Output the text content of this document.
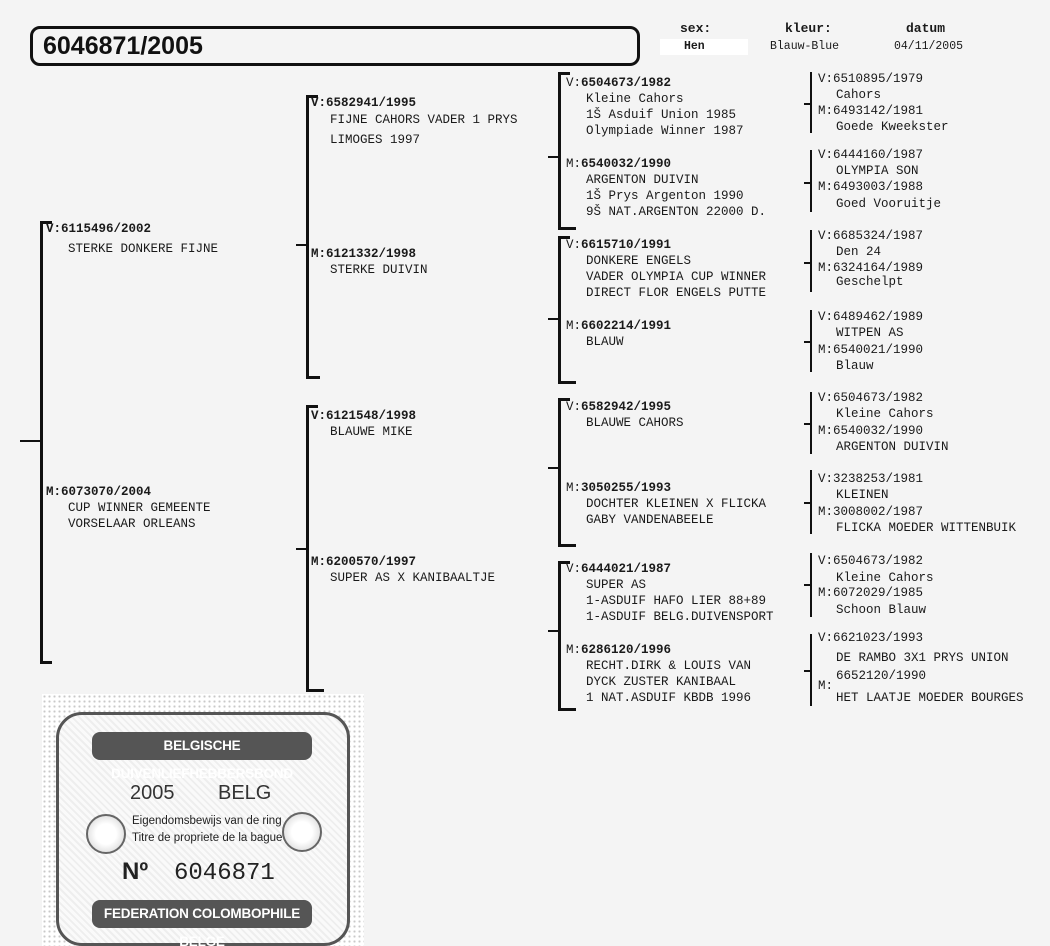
6046871/2005
sex:
Hen
kleur:
Blauw-Blue
datum
04/11/2005
V:6115496/2002
STERKE DONKERE FIJNE
M:6073070/2004
CUP WINNER GEMEENTE
VORSELAAR ORLEANS
V:6582941/1995
FIJNE CAHORS VADER 1 PRYS
LIMOGES 1997
M:6121332/1998
STERKE DUIVIN
V:6121548/1998
BLAUWE MIKE
M:6200570/1997
SUPER AS X KANIBAALTJE
V:6504673/1982
Kleine Cahors
1Š Asduif Union 1985
Olympiade Winner 1987
M:6540032/1990
ARGENTON DUIVIN
1Š Prys Argenton 1990
9Š NAT.ARGENTON 22000 D.
V:6615710/1991
DONKERE ENGELS
VADER OLYMPIA CUP WINNER
DIRECT FLOR ENGELS PUTTE
M:6602214/1991
BLAUW
V:6582942/1995
BLAUWE CAHORS
M:3050255/1993
DOCHTER KLEINEN X FLICKA
GABY VANDENABEELE
V:6444021/1987
SUPER AS
1-ASDUIF HAFO LIER 88+89
1-ASDUIF BELG.DUIVENSPORT
M:6286120/1996
RECHT.DIRK & LOUIS VAN
DYCK ZUSTER KANIBAAL
1 NAT.ASDUIF KBDB 1996
V:6510895/1979
Cahors
M:6493142/1981
Goede Kweekster
V:6444160/1987
OLYMPIA SON
M:6493003/1988
Goed Vooruitje
V:6685324/1987
Den 24
M:6324164/1989
Geschelpt
V:6489462/1989
WITPEN AS
M:6540021/1990
Blauw
V:6504673/1982
Kleine Cahors
M:6540032/1990
ARGENTON DUIVIN
V:3238253/1981
KLEINEN
M:3008002/1987
FLICKA MOEDER WITTENBUIK
V:6504673/1982
Kleine Cahors
M:6072029/1985
Schoon Blauw
V:6621023/1993
DE RAMBO 3X1 PRYS UNION
6652120/1990
M:
HET LAATJE MOEDER BOURGES
BELGISCHE DUIVENLIEFHEBBERSBOND
2005 BELG
Eigendomsbewijs van de ring
Titre de propriete de la bague
Nº 6046871
FEDERATION COLOMBOPHILE BELGE
